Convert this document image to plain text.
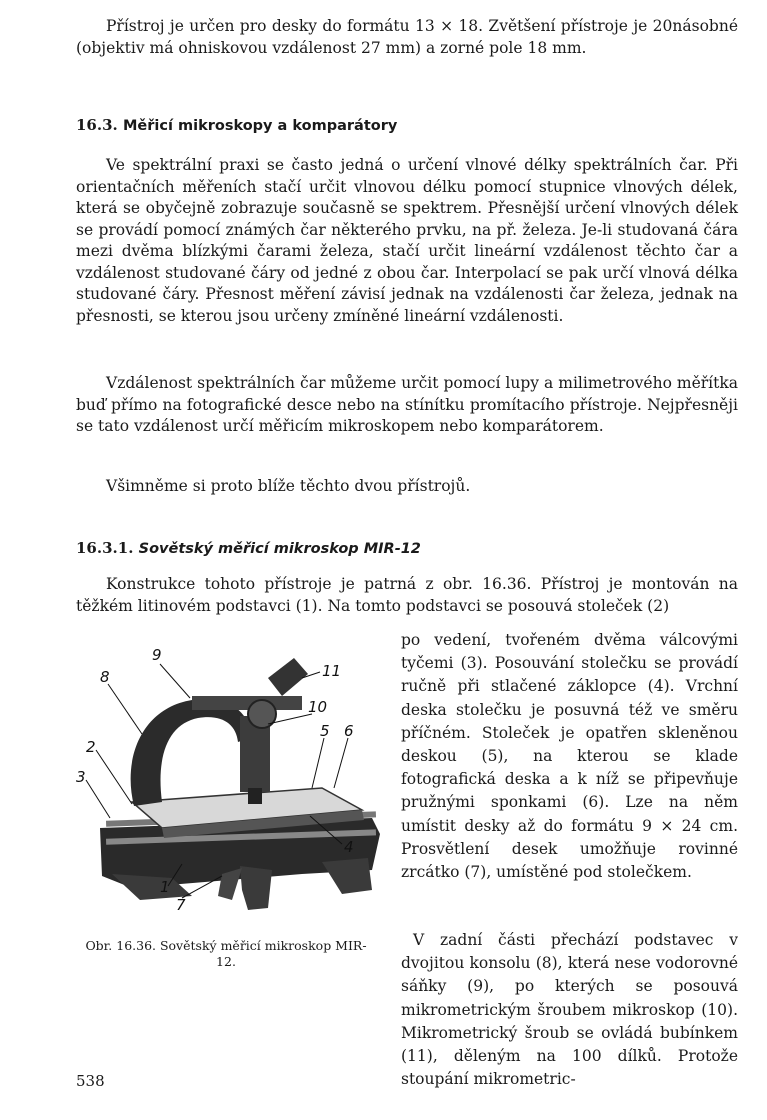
Přístroj je určen pro desky do formátu 13 × 18. Zvětšení přístroje je 20násobné (objektiv má ohniskovou vzdálenost 27 mm) a zorné pole 18 mm.

16.3. Měřicí mikroskopy a komparátory

Ve spektrální praxi se často jedná o určení vlnové délky spektrálních čar. Při orientačních měřeních stačí určit vlnovou délku pomocí stupnice vlnových délek, která se obyčejně zobrazuje současně se spektrem. Přesnější určení vlnových délek se provádí pomocí známých čar některého prvku, na př. železa. Je-li studovaná čára mezi dvěma blízkými čarami železa, stačí určit lineární vzdálenost těchto čar a vzdálenost studované čáry od jedné z obou čar. Interpolací se pak určí vlnová délka studované čáry. Přesnost měření závisí jednak na vzdálenosti čar železa, jednak na přesnosti, se kterou jsou určeny zmíněné lineární vzdálenosti.

Vzdálenost spektrálních čar můžeme určit pomocí lupy a milimetrového měřítka buď přímo na fotografické desce nebo na stínítku promítacího přístroje. Nejpřesněji se tato vzdálenost určí měřicím mikroskopem nebo komparátorem.

Všimněme si proto blíže těchto dvou přístrojů.

16.3.1. Sovětský měřicí mikroskop MIR-12

Konstrukce tohoto přístroje je patrná z obr. 16.36. Přístroj je montován na těžkém litinovém podstavci (1). Na tomto podstavci se posouvá stoleček (2)

po vedení, tvořeném dvěma válcovými tyčemi (3). Posouvání stolečku se provádí ručně při stlačené záklopce (4). Vrchní deska stolečku je posuvná též ve směru příčném. Stoleček je opatřen skleněnou deskou (5), na kterou se klade fotografická deska a k níž se připevňuje pružnými sponkami (6). Lze na něm umístit desky až do formátu 9 × 24 cm. Prosvětlení desek umožňuje rovinné zrcátko (7), umístěné pod stolečkem.

V zadní části přechází podstavec v dvojitou konsolu (8), která nese vodorovné sáňky (9), po kterých se posouvá mikrometrickým šroubem mikroskop (10). Mikrometrický šroub se ovládá bubínkem (11), děleným na 100 dílků. Protože stoupání mikrometric-

9
8	11
10
5 6
2
3
4
1
7

Obr. 16.36. Sovětský měřicí mikroskop MIR-12.

538
